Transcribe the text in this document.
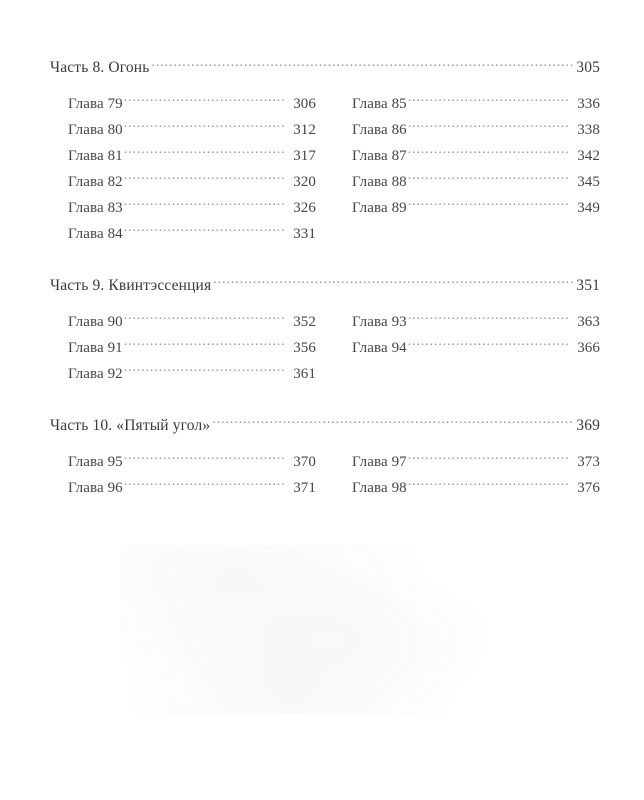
Часть 8. Огонь .....	305
Глава 79 .....	306
Глава 80 .....	312
Глава 81 .....	317
Глава 82 .....	320
Глава 83 .....	326
Глава 84 .....	331
Глава 85 .....	336
Глава 86 .....	338
Глава 87 .....	342
Глава 88 .....	345
Глава 89 .....	349
Часть 9. Квинтэссенция .....	351
Глава 90 .....	352
Глава 91 .....	356
Глава 92 .....	361
Глава 93 .....	363
Глава 94 .....	366
Часть 10. «Пятый угол» .....	369
Глава 95 .....	370
Глава 96 .....	371
Глава 97 .....	373
Глава 98 .....	376
